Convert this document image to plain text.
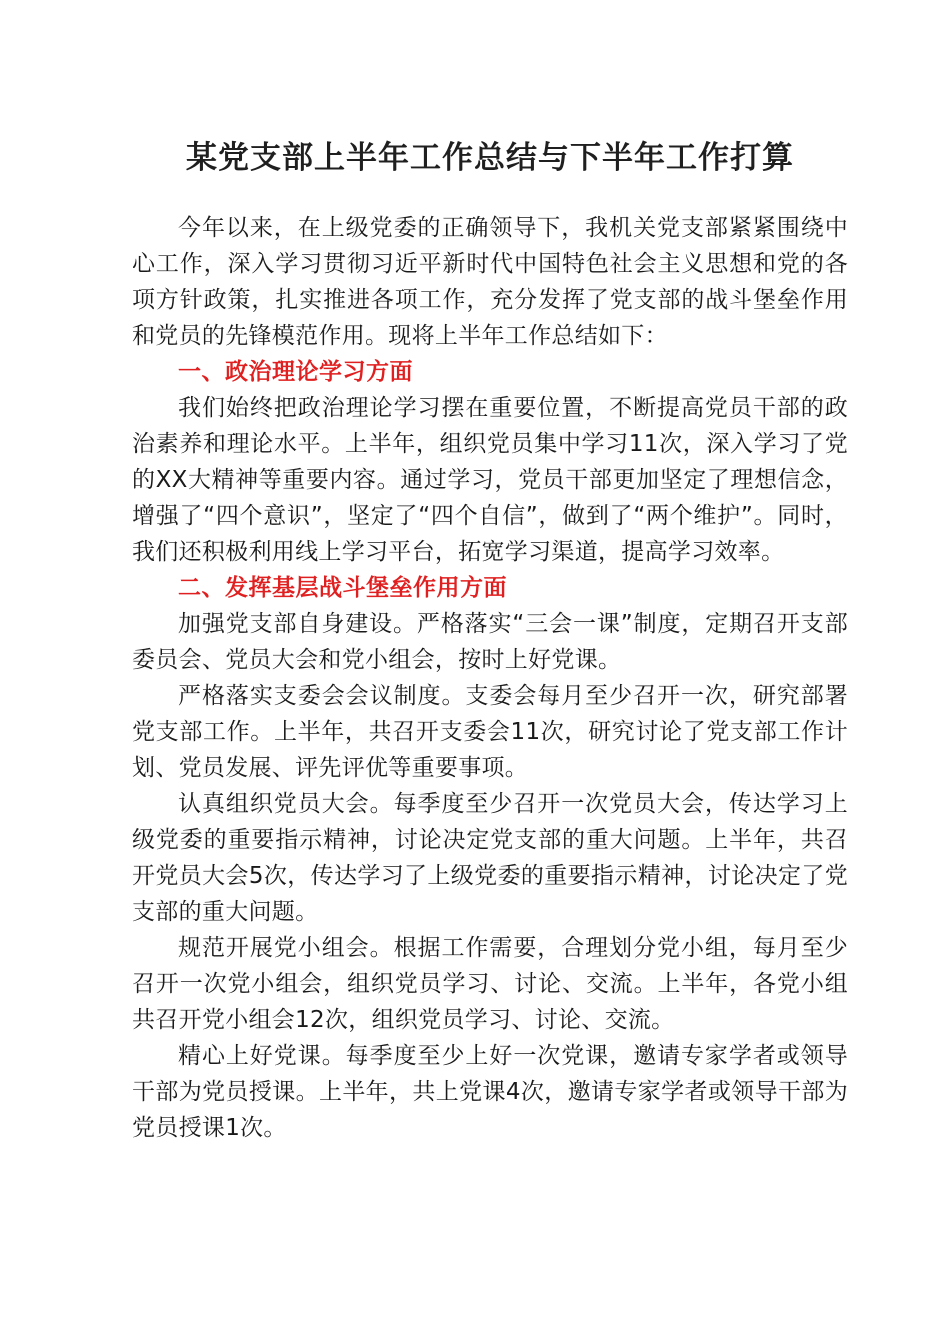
某党支部上半年工作总结与下半年工作打算

今年以来，在上级党委的正确领导下，我机关党支部紧紧围绕中心工作，深入学习贯彻习近平新时代中国特色社会主义思想和党的各项方针政策，扎实推进各项工作，充分发挥了党支部的战斗堡垒作用和党员的先锋模范作用。现将上半年工作总结如下：

一、政治理论学习方面

我们始终把政治理论学习摆在重要位置，不断提高党员干部的政治素养和理论水平。上半年，组织党员集中学习11次，深入学习了党的XX大精神等重要内容。通过学习，党员干部更加坚定了理想信念，增强了“四个意识”，坚定了“四个自信”，做到了“两个维护”。同时，我们还积极利用线上学习平台，拓宽学习渠道，提高学习效率。

二、发挥基层战斗堡垒作用方面

加强党支部自身建设。严格落实“三会一课”制度，定期召开支部委员会、党员大会和党小组会，按时上好党课。

严格落实支委会会议制度。支委会每月至少召开一次，研究部署党支部工作。上半年，共召开支委会11次，研究讨论了党支部工作计划、党员发展、评先评优等重要事项。

认真组织党员大会。每季度至少召开一次党员大会，传达学习上级党委的重要指示精神，讨论决定党支部的重大问题。上半年，共召开党员大会5次，传达学习了上级党委的重要指示精神，讨论决定了党支部的重大问题。

规范开展党小组会。根据工作需要，合理划分党小组，每月至少召开一次党小组会，组织党员学习、讨论、交流。上半年，各党小组共召开党小组会12次，组织党员学习、讨论、交流。

精心上好党课。每季度至少上好一次党课，邀请专家学者或领导干部为党员授课。上半年，共上党课4次，邀请专家学者或领导干部为党员授课1次。
